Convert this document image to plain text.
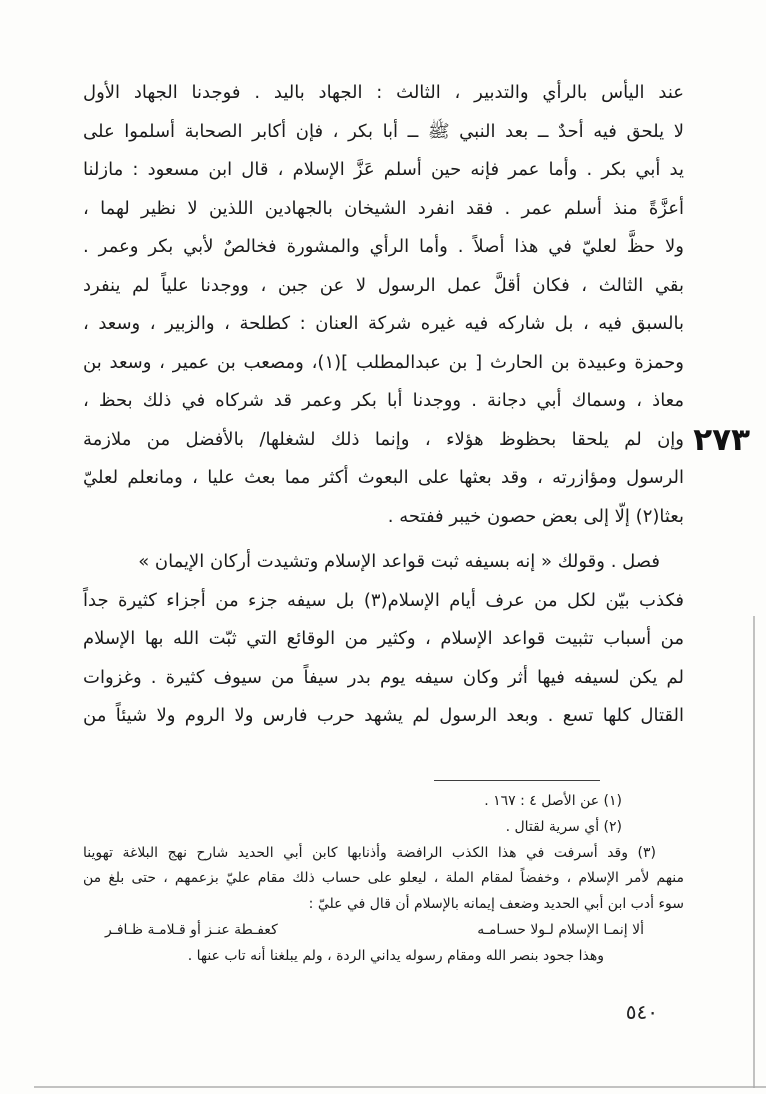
٢٧٣
عند اليأس بالرأي والتدبير ، الثالث : الجهاد باليد . فوجدنا الجهاد الأول
لا يلحق فيه أحدٌ ــ بعد النبي ﷺ ــ أبا بكر ، فإن أكابر الصحابة أسلموا على
يد أبي بكر . وأما عمر فإنه حين أسلم عَزَّ الإسلام ، قال ابن مسعود : مازلنا
أعزَّةً منذ أسلم عمر . فقد انفرد الشيخان بالجهادين اللذين لا نظير لهما ،
ولا حظَّ لعليّ في هذا أصلاً . وأما الرأي والمشورة فخالصٌ لأبي بكر وعمر .
بقي الثالث ، فكان أقلَّ عمل الرسول لا عن جبن ، ووجدنا علياً لم ينفرد
بالسبق فيه ، بل شاركه فيه غيره شركة العنان : كطلحة ، والزبير ، وسعد ،
وحمزة وعبيدة بن الحارث [ بن عبدالمطلب ](١)، ومصعب بن عمير ، وسعد بن
معاذ ، وسماك أبي دجانة . ووجدنا أبا بكر وعمر قد شركاه في ذلك بحظ ،
وإن لم يلحقا بحظوظ هؤلاء ، وإنما ذلك لشغلها/ بالأفضل من ملازمة
الرسول ومؤازرته ، وقد بعثها على البعوث أكثر مما بعث عليا ، ومانعلم لعليّ
بعثا(٢) إلّا إلى بعض حصون خيبر ففتحه .
فصل . وقولك « إنه بسيفه ثبت قواعد الإسلام وتشيدت أركان الإيمان »
فكذب بيّن لكل من عرف أيام الإسلام(٣) بل سيفه جزء من أجزاء كثيرة جداً
من أسباب تثبيت قواعد الإسلام ، وكثير من الوقائع التي ثبّت الله بها الإسلام
لم يكن لسيفه فيها أثر وكان سيفه يوم بدر سيفاً من سيوف كثيرة . وغزوات
القتال كلها تسع . وبعد الرسول لم يشهد حرب فارس ولا الروم ولا شيئاً من
(١) عن الأصل ٤ : ١٦٧ .
(٢) أي سرية لقتال .
(٣) وقد أسرفت في هذا الكذب الرافضة وأذنابها كابن أبي الحديد شارح نهج البلاغة تهوينا
منهم لأمر الإسلام ، وخفضاً لمقام الملة ، ليعلو على حساب ذلك مقام عليّ بزعمهم ، حتى بلغ من
سوء أدب ابن أبي الحديد وضعف إيمانه بالإسلام أن قال في عليّ :
ألا إنمـا الإسلام لـولا حسـامـه
كعفـطة عنـز أو قـلامـة ظـافـر
وهذا جحود بنصر الله ومقام رسوله يداني الردة ، ولم يبلغنا أنه تاب عنها .
٥٤٠
